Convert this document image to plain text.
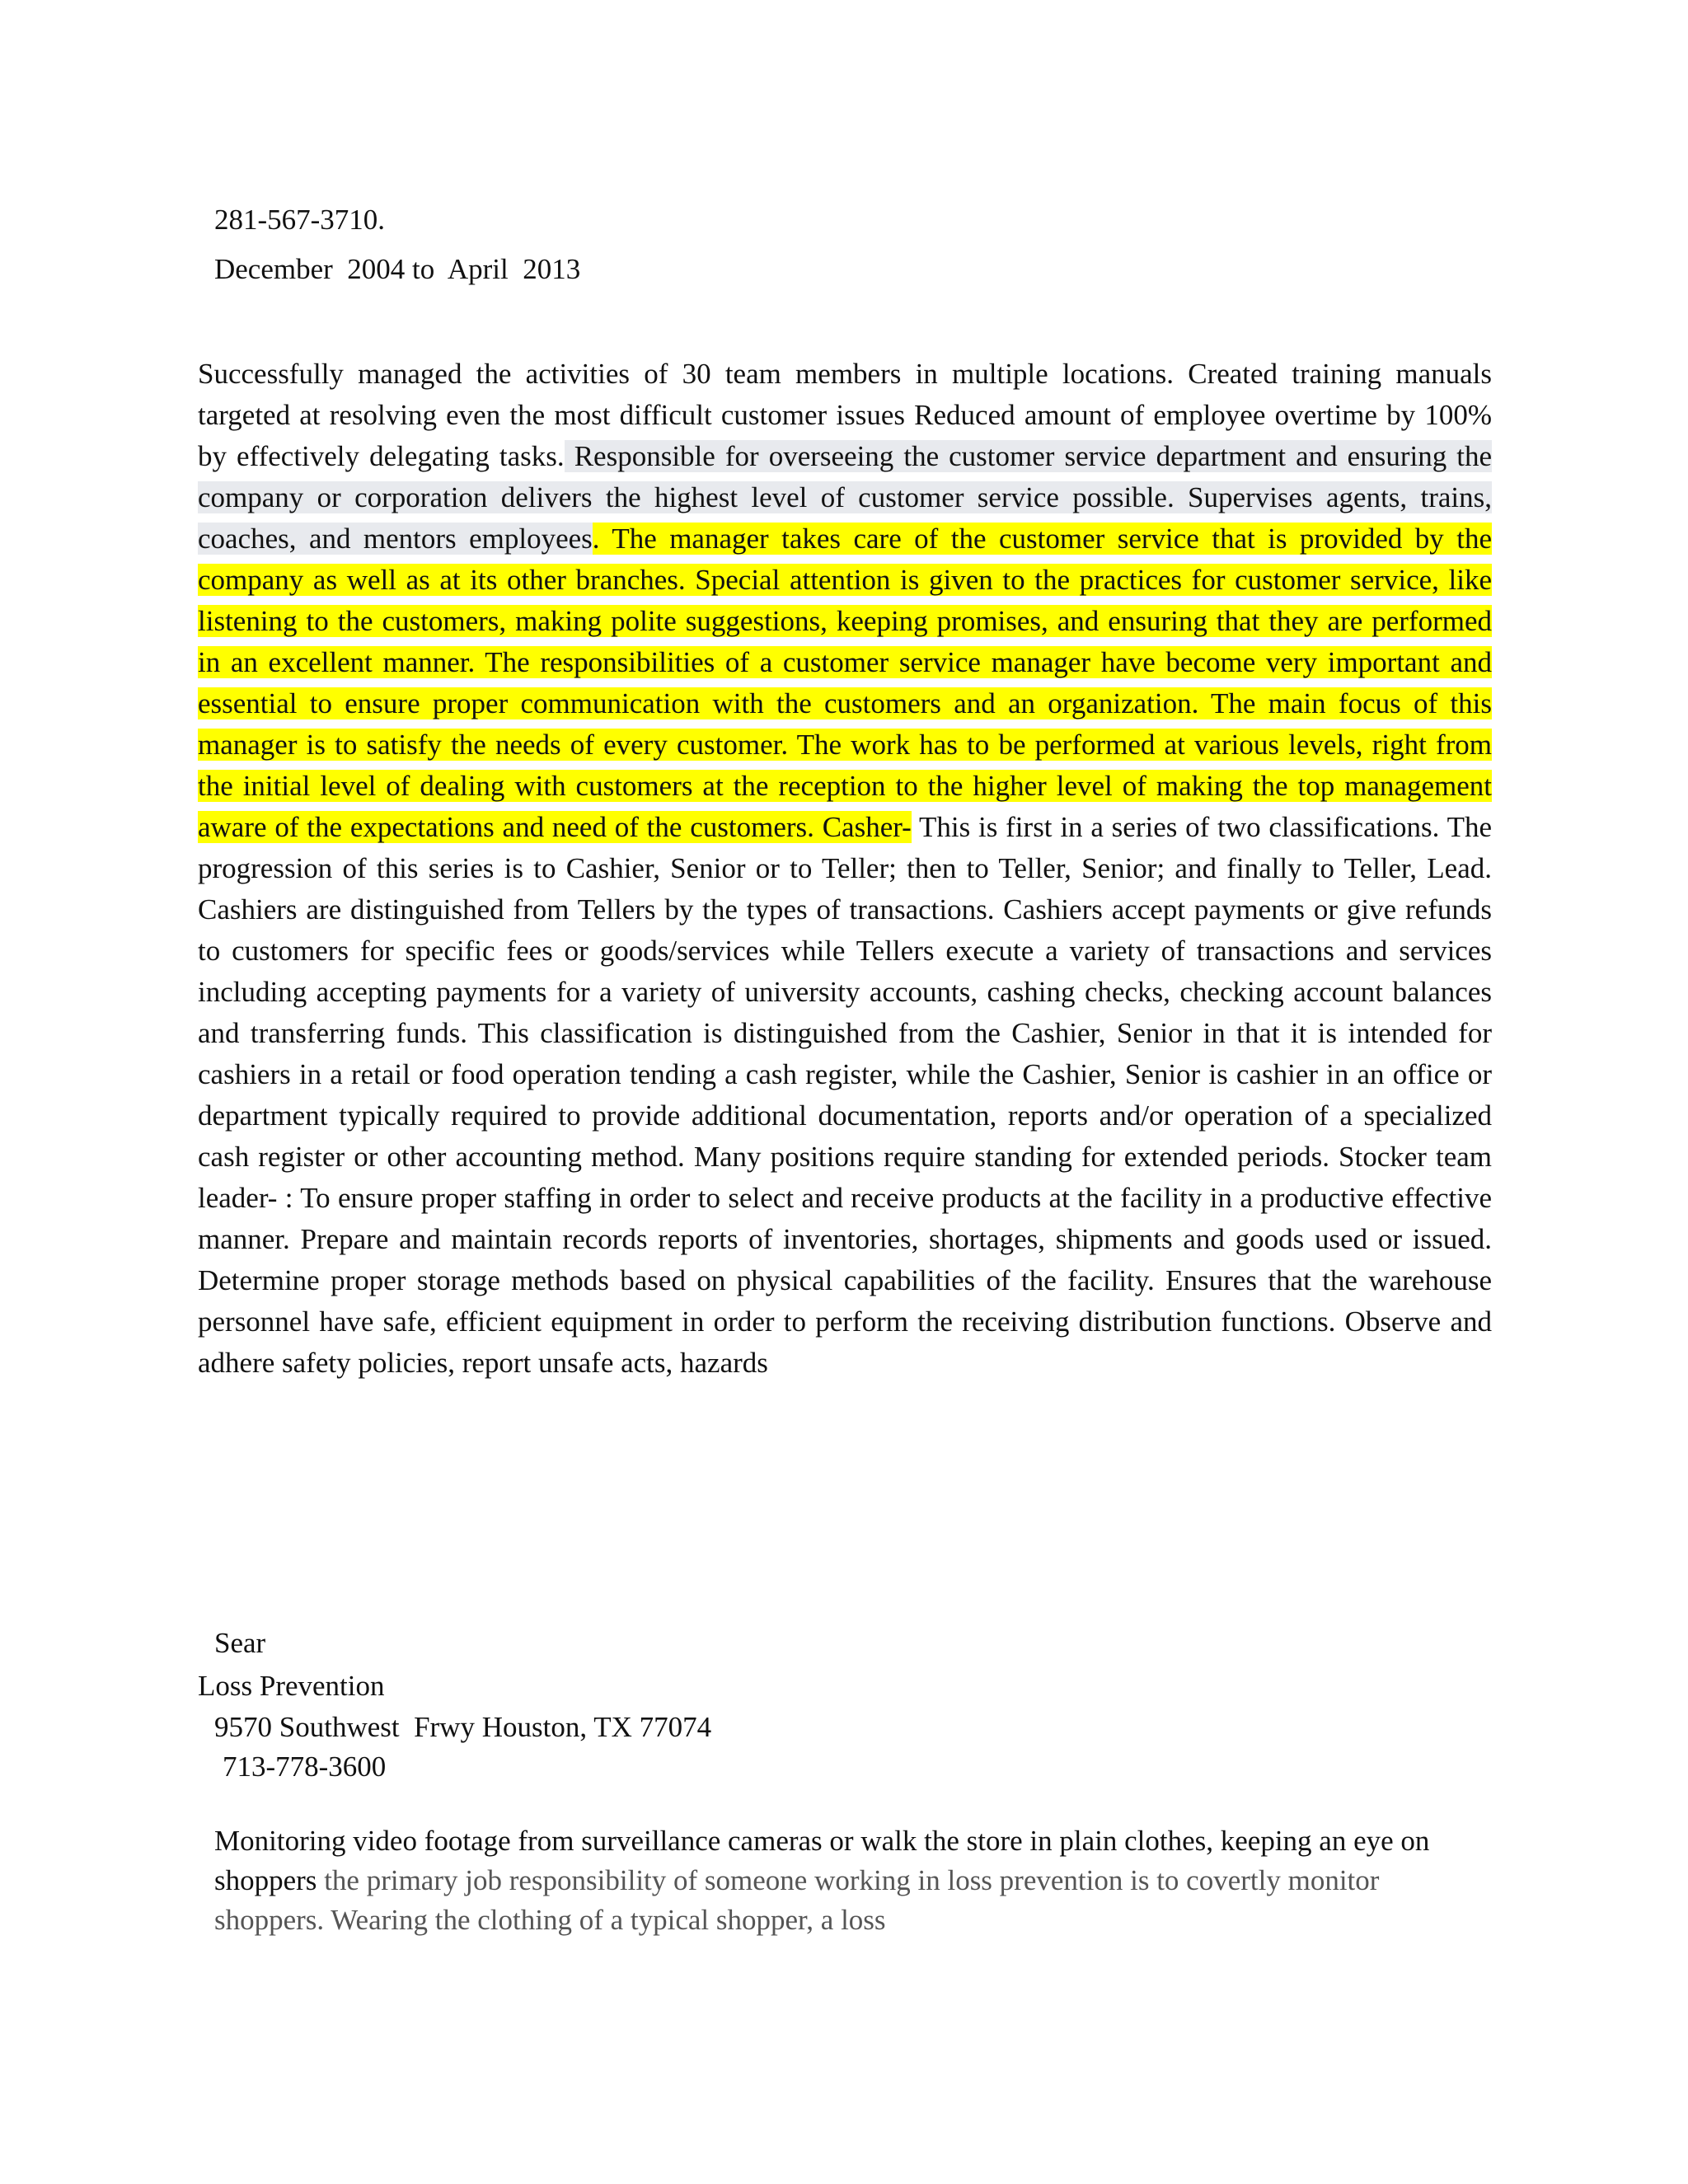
281-567-3710.
December  2004 to  April  2013

Successfully managed the activities of 30 team members in multiple locations. Created training manuals targeted at resolving even the most difficult customer issues Reduced amount of employee overtime by 100% by effectively delegating tasks. Responsible for overseeing the customer service department and ensuring the company or corporation delivers the highest level of customer service possible. Supervises agents, trains, coaches, and mentors employees. The manager takes care of the customer service that is provided by the company as well as at its other branches. Special attention is given to the practices for customer service, like listening to the customers, making polite suggestions, keeping promises, and ensuring that they are performed in an excellent manner. The responsibilities of a customer service manager have become very important and essential to ensure proper communication with the customers and an organization. The main focus of this manager is to satisfy the needs of every customer. The work has to be performed at various levels, right from the initial level of dealing with customers at the reception to the higher level of making the top management aware of the expectations and need of the customers. Casher- This is first in a series of two classifications. The progression of this series is to Cashier, Senior or to Teller; then to Teller, Senior; and finally to Teller, Lead. Cashiers are distinguished from Tellers by the types of transactions. Cashiers accept payments or give refunds to customers for specific fees or goods/services while Tellers execute a variety of transactions and services including accepting payments for a variety of university accounts, cashing checks, checking account balances and transferring funds. This classification is distinguished from the Cashier, Senior in that it is intended for cashiers in a retail or food operation tending a cash register, while the Cashier, Senior is cashier in an office or department typically required to provide additional documentation, reports and/or operation of a specialized cash register or other accounting method. Many positions require standing for extended periods. Stocker team leader- : To ensure proper staffing in order to select and receive products at the facility in a productive effective manner. Prepare and maintain records reports of inventories, shortages, shipments and goods used or issued. Determine proper storage methods based on physical capabilities of the facility. Ensures that the warehouse personnel have safe, efficient equipment in order to perform the receiving distribution functions. Observe and adhere safety policies, report unsafe acts, hazards

Sear
Loss Prevention
9570 Southwest  Frwy Houston, TX 77074
713-778-3600

Monitoring video footage from surveillance cameras or walk the store in plain clothes, keeping an eye on shoppers the primary job responsibility of someone working in loss prevention is to covertly monitor shoppers. Wearing the clothing of a typical shopper, a loss
